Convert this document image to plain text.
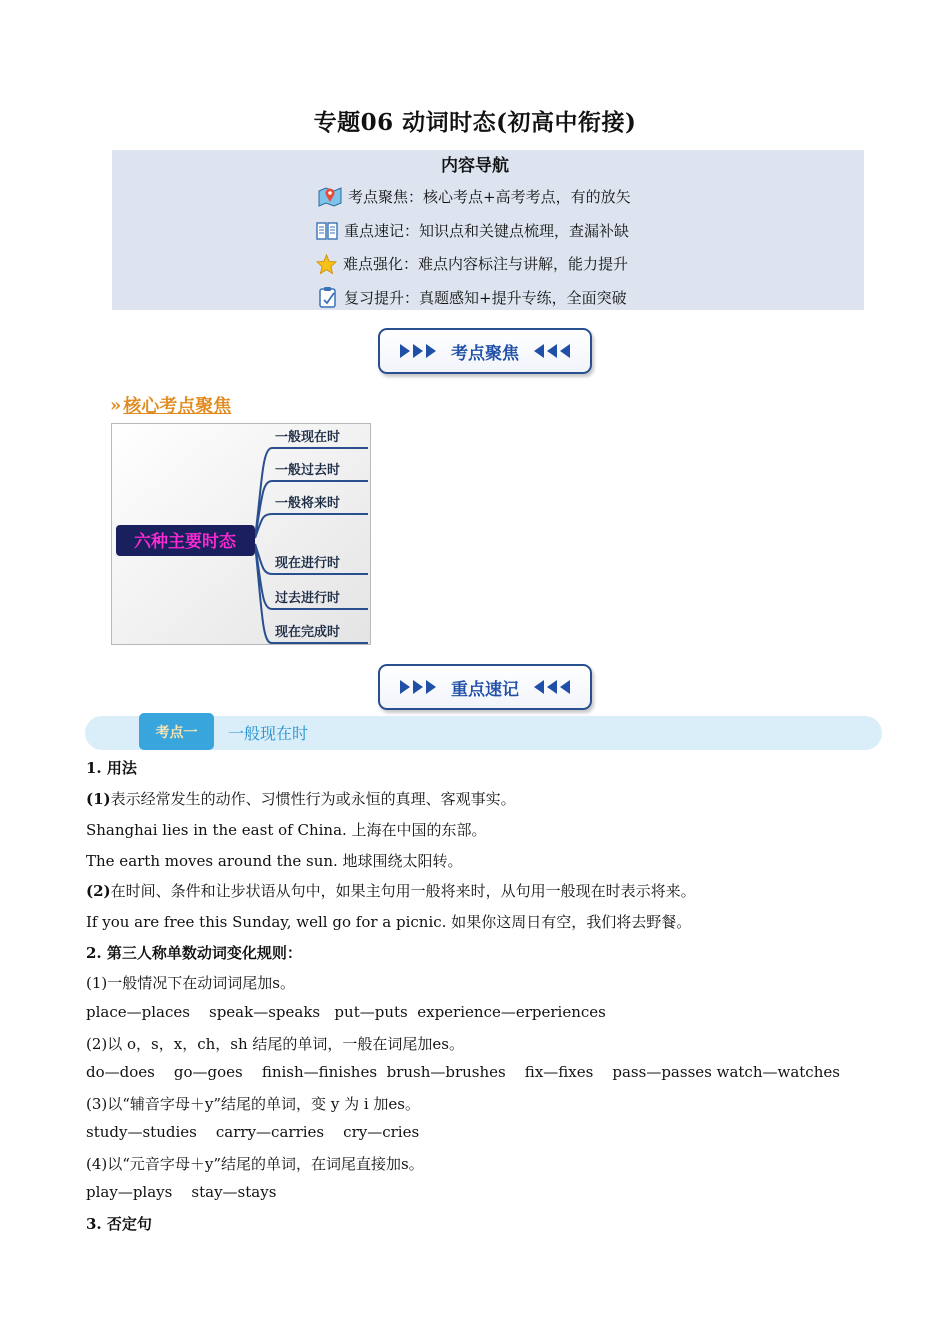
专题06 动词时态(初高中衔接)
内容导航
考点聚焦：核心考点+高考考点，有的放矢
重点速记：知识点和关键点梳理，查漏补缺
难点强化：难点内容标注与讲解，能力提升
复习提升：真题感知+提升专练，全面突破
考点聚焦
» 核心考点聚焦
六种主要时态
一般现在时
一般过去时
一般将来时
现在进行时
过去进行时
现在完成时
重点速记
考点一	一般现在时
1. 用法
(1)表示经常发生的动作、习惯性行为或永恒的真理、客观事实。
Shanghai lies in the east of China. 上海在中国的东部。
The earth moves around the sun. 地球围绕太阳转。
(2)在时间、条件和让步状语从句中，如果主句用一般将来时，从句用一般现在时表示将来。
If you are free this Sunday, well go for a picnic. 如果你这周日有空，我们将去野餐。
2. 第三人称单数动词变化规则：
(1)一般情况下在动词词尾加s。
place—places    speak—speaks   put—puts  experience—erperiences
(2)以 o，s，x，ch，sh 结尾的单词，一般在词尾加es。
do—does    go—goes    finish—finishes  brush—brushes    fix—fixes    pass—passes watch—watches
(3)以“辅音字母＋y”结尾的单词，变 y 为 i 加es。
study—studies    carry—carries    cry—cries
(4)以“元音字母＋y”结尾的单词，在词尾直接加s。
play—plays    stay—stays
3. 否定句
